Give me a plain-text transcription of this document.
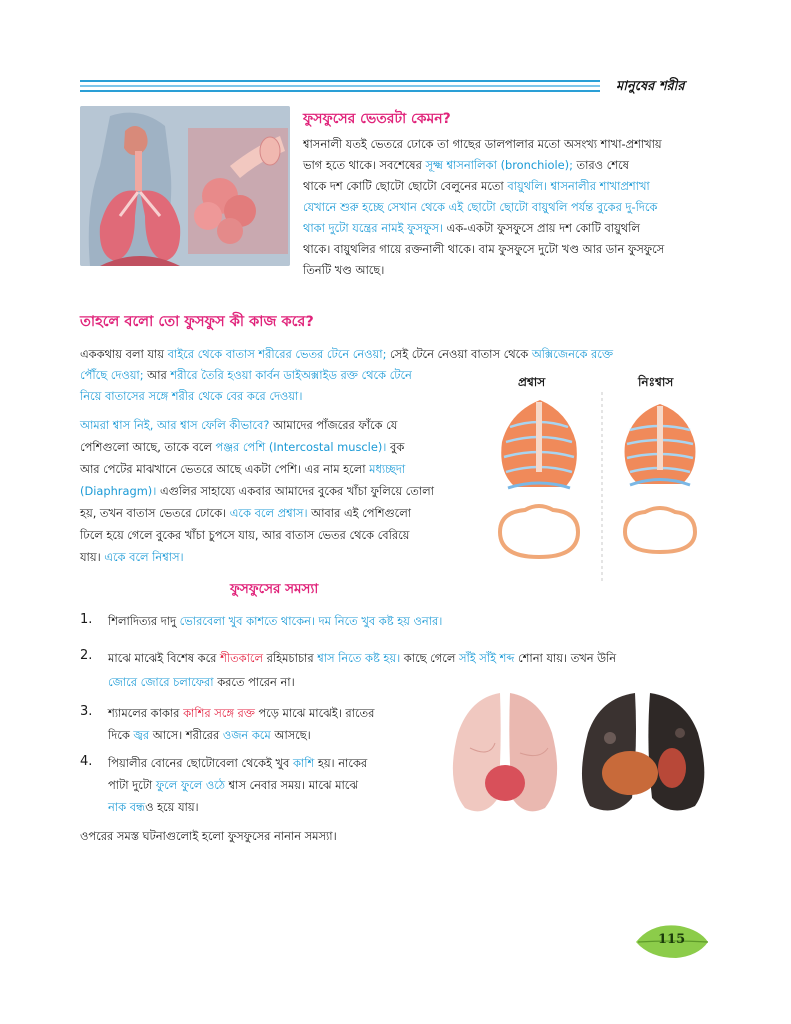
মানুষের শরীর
ফুসফুসের ভেতরটা কেমন?
শ্বাসনালী যতই ভেতরে ঢোকে তা গাছের ডালপালার মতো অসংখ্য শাখা-প্রশাখায়
ভাগ হতে থাকে। সবশেষের সূক্ষ্ম শ্বাসনালিকা (bronchiole); তারও শেষে
থাকে দশ কোটি ছোটো ছোটো বেলুনের মতো বায়ুথলি। শ্বাসনালীর শাখাপ্রশাখা
যেখানে শুরু হচ্ছে সেখান থেকে এই ছোটো ছোটো বায়ুথলি পর্যন্ত বুকের দু-দিকে
থাকা দুটো যন্ত্রের নামই ফুসফুস। এক-একটা ফুসফুসে প্রায় দশ কোটি বায়ুথলি
থাকে। বায়ুথলির গায়ে রক্তনালী থাকে। বাম ফুসফুসে দুটো খণ্ড আর ডান ফুসফুসে
তিনটি খণ্ড আছে।
তাহলে বলো তো ফুসফুস কী কাজ করে?
এককথায় বলা যায় বাইরে থেকে বাতাস শরীরের ভেতর টেনে নেওয়া; সেই টেনে নেওয়া বাতাস থেকে অক্সিজেনকে রক্তে
পৌঁছে দেওয়া; আর শরীরে তৈরি হওয়া কার্বন ডাইঅক্সাইড রক্ত থেকে টেনে
নিয়ে বাতাসের সঙ্গে শরীর থেকে বের করে দেওয়া।
আমরা শ্বাস নিই, আর শ্বাস ফেলি কীভাবে? আমাদের পাঁজরের ফাঁকে যে
পেশিগুলো আছে, তাকে বলে পঞ্জর পেশি (Intercostal muscle)। বুক
আর পেটের মাঝখানে ভেতরে আছে একটা পেশি। এর নাম হলো মধ্যচ্ছদা
(Diaphragm)। এগুলির সাহায্যে একবার আমাদের বুকের খাঁচা ফুলিয়ে তোলা
হয়, তখন বাতাস ভেতরে ঢোকে। একে বলে প্রশ্বাস। আবার এই পেশিগুলো
ঢিলে হয়ে গেলে বুকের খাঁচা চুপসে যায়, আর বাতাস ভেতর থেকে বেরিয়ে
যায়। একে বলে নিশ্বাস।
প্রশ্বাস	নিঃশ্বাস
ফুসফুসের সমস্যা
1.	শিলাদিত্যর দাদু ভোরবেলা খুব কাশতে থাকেন। দম নিতে খুব কষ্ট হয় ওনার।
2.	মাঝে মাঝেই বিশেষ করে শীতকালে রহিমচাচার শ্বাস নিতে কষ্ট হয়। কাছে গেলে সাঁই সাঁই শব্দ শোনা যায়। তখন উনি
জোরে জোরে চলাফেরা করতে পারেন না।
3.	শ্যামলের কাকার কাশির সঙ্গে রক্ত পড়ে মাঝে মাঝেই। রাতের
দিকে জ্বর আসে। শরীরের ওজন কমে আসছে।
4.	পিয়ালীর বোনের ছোটোবেলা থেকেই খুব কাশি হয়। নাকের
পাটা দুটো ফুলে ফুলে ওঠে শ্বাস নেবার সময়। মাঝে মাঝে
নাক বন্ধও হয়ে যায়।
ওপরের সমস্ত ঘটনাগুলোই হলো ফুসফুসের নানান সমস্যা।
115
